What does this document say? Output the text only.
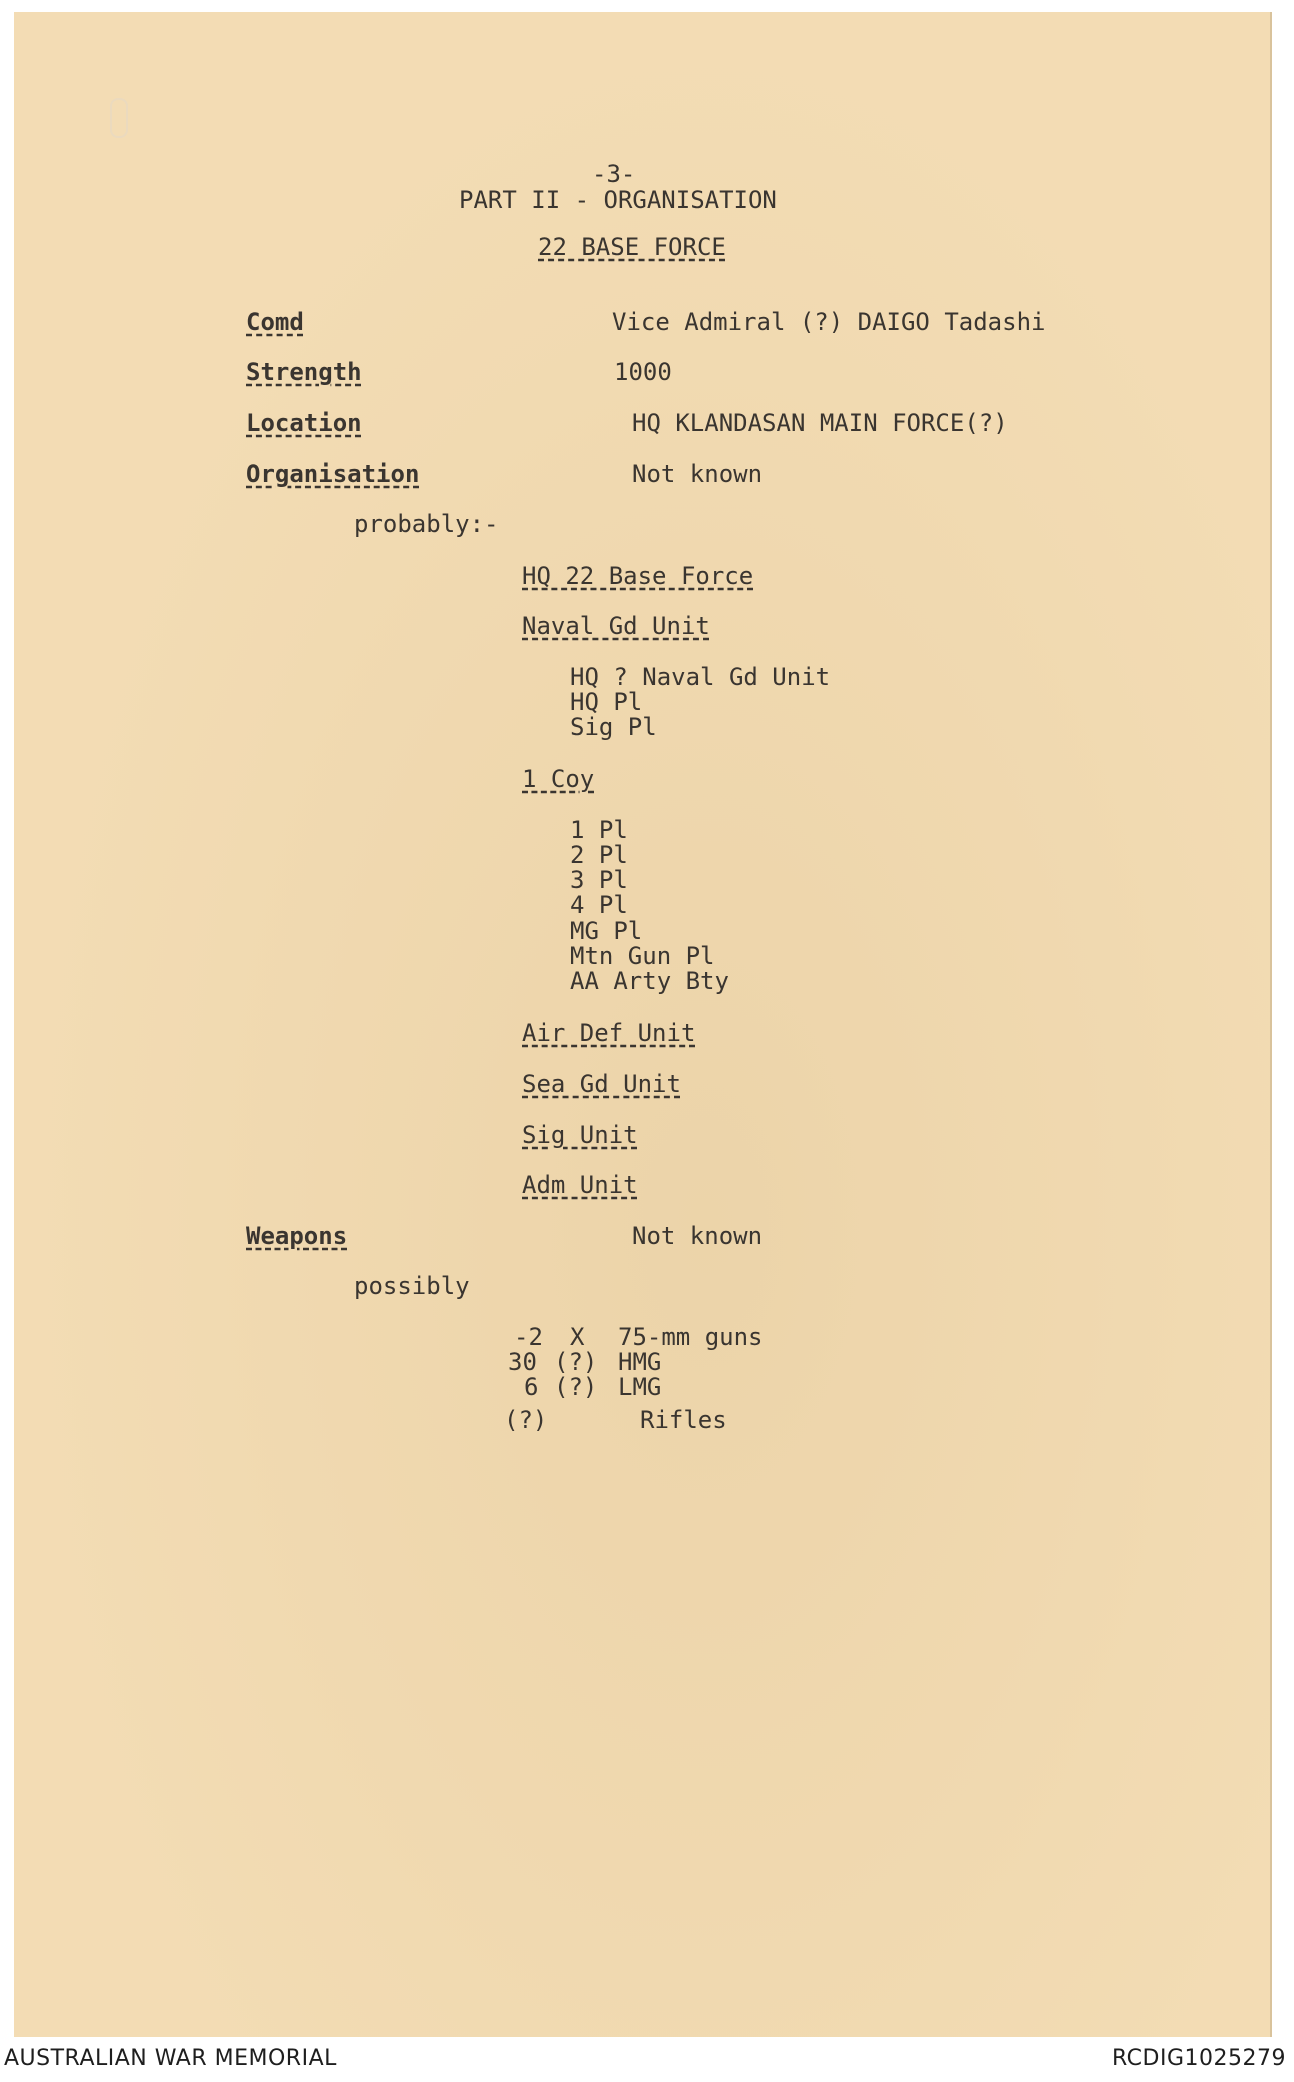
-3-
PART II - ORGANISATION
22 BASE FORCE
Comd	Vice Admiral (?) DAIGO Tadashi
Strength	1000
Location	HQ KLANDASAN MAIN FORCE(?)
Organisation	Not known
probably:-
HQ 22 Base Force
Naval Gd Unit
HQ ? Naval Gd Unit
HQ Pl
Sig Pl
1 Coy
1 Pl
2 Pl
3 Pl
4 Pl
MG Pl
Mtn Gun Pl
AA Arty Bty
Air Def Unit
Sea Gd Unit
Sig Unit
Adm Unit
Weapons	Not known
possibly
-2 X 75-mm guns
30 (?) HMG
6 (?) LMG
(?)	Rifles
AUSTRALIAN WAR MEMORIAL	RCDIG1025279
